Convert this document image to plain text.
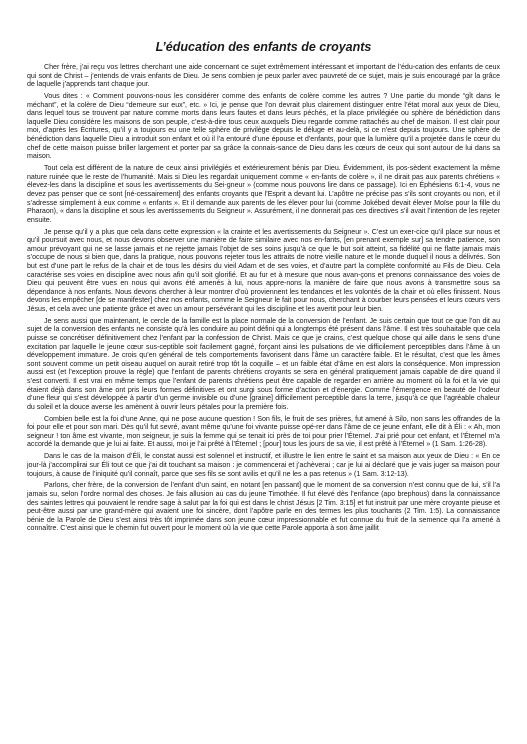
L’éducation des enfants de croyants

Cher frère, j’ai reçu vos lettres cherchant une aide concernant ce sujet extrêmement intéressant et important de l’édu-cation des enfants de ceux qui sont de Christ – j’entends de vrais enfants de Dieu. Je sens combien je peux parler avec pauvreté de ce sujet, mais je suis encouragé par la grâce de laquelle j’apprends tant chaque jour.

Vous dites : « Comment pouvons-nous les considérer comme des enfants de colère comme les autres ? Une partie du monde “gît dans le méchant”, et la colère de Dieu “demeure sur eux”, etc. » Ici, je pense que l’on devrait plus clairement distinguer entre l’état moral aux yeux de Dieu, dans lequel tous se trouvent par nature comme morts dans leurs fautes et dans leurs péchés, et la place privilégiée ou sphère de bénédiction dans laquelle Dieu considère les maisons de son peuple, c’est-à-dire tous ceux auxquels Dieu regarde comme rattachés au chef de maison. Il est clair pour moi, d’après les Écritures, qu’il y a toujours eu une telle sphère de privilège depuis le déluge et au-delà, si ce n’est depuis toujours. Une sphère de bénédiction dans laquelle Dieu a introduit son enfant et où il l’a entouré d’une épouse et d’enfants, pour que la lumière qu’il a projetée dans le cœur du chef de cette maison puisse briller largement et porter par sa grâce la connais-sance de Dieu dans les cœurs de ceux qui sont autour de lui dans sa maison.

Tout cela est différent de la nature de ceux ainsi privilégiés et extérieurement bénis par Dieu. Évidemment, ils pos-sèdent exactement la même nature ruinée que le reste de l’humanité. Mais si Dieu les regardait uniquement comme « en-fants de colère », il ne dirait pas aux parents chrétiens « élevez-les dans la discipline et sous les avertissements du Sei-gneur » (comme nous pouvons lire dans ce passage). Ici en Éphésiens 6:1-4, vous ne devez pas penser que ce sont [né-cessairement] des enfants croyants que l’Esprit a devant lui. L’apôtre ne précise pas s’ils sont croyants ou non, et il s’adresse simplement à eux comme « enfants ». Et il demande aux parents de les élever pour lui (comme Jokébed devait élever Moïse pour la fille du Pharaon), « dans la discipline et sous les avertissements du Seigneur ». Assurément, il ne donnerait pas ces directives s’il avait l’intention de les rejeter ensuite.

Je pense qu’il y a plus que cela dans cette expression « la crainte et les avertissements du Seigneur ». C’est un exer-cice qu’il place sur nous et qu’il poursuit avec nous, et nous devons observer une manière de faire similaire avec nos en-fants, [en prenant exemple sur] sa tendre patience, son amour prévoyant qui ne se lasse jamais et ne rejette jamais l’objet de ses soins jusqu’à ce que le but soit atteint, sa fidélité qui ne flatte jamais mais s’occupe de nous si bien que, dans la pratique, nous pouvons rejeter tous les attraits de notre vieille nature et le monde duquel il nous a délivrés. Son but est d’une part le refus de la chair et de tous les désirs du vieil Adam et de ses voies, et d’autre part la complète conformité au Fils de Dieu. Cela caractérise ses voies en discipline avec nous afin qu’il soit glorifié. Et au fur et à mesure que nous avan-çons et prenons connaissance des voies de Dieu qui peuvent être vues en nous qui avons été amenés à lui, nous appre-nons la manière de faire que nous avons à transmettre sous sa dépendance à nos enfants. Nous devons chercher à leur montrer d’où proviennent les tendances et les volontés de la chair et où elles finissent. Nous devons les empêcher [de se manifester] chez nos enfants, comme le Seigneur le fait pour nous, cherchant à courber leurs pensées et leurs cœurs vers Jésus, et cela avec une patiente grâce et avec un amour persévérant qui les discipline et les avertit pour leur bien.

Je sens aussi que maintenant, le cercle de la famille est la place normale de la conversion de l’enfant. Je suis certain que tout ce que l’on dit au sujet de la conversion des enfants ne consiste qu’à les conduire au point défini qui a longtemps été présent dans l’âme. Il est très souhaitable que cela puisse se concrétiser définitivement chez l’enfant par la confession de Christ. Mais ce que je crains, c’est quelque chose qui aille dans le sens d’une excitation par laquelle le jeune cœur sus-ceptible soit facilement gagné, forçant ainsi les pulsations de vie difficilement perceptibles dans l’âme à un développement immature. Je crois qu’en général de tels comportements favorisent dans l’âme un caractère faible. Et le résultat, c’est que les âmes sont souvent comme un petit oiseau auquel on aurait retiré trop tôt la coquille – et un faible état d’âme en est alors la conséquence. Mon impression aussi est (et l’exception prouve la règle) que l’enfant de parents chrétiens croyants se sera en général pratiquement jamais capable de dire quand il s’est converti. Il est vrai en même temps que l’enfant de parents chrétiens peut être capable de regarder en arrière au moment où la foi et la vie qui étaient déjà dans son âme ont pris leurs formes définitives et ont surgi sous forme d’action et d’énergie. Comme l’émergence en beauté de l’odeur d’une fleur qui s’est développée à partir d’un germe invisible ou d’une [graine] difficilement perceptible dans la terre, jusqu’à ce que l’agréable chaleur du soleil et la douce averse les amènent à ouvrir leurs pétales pour la première fois.

Combien belle est la foi d’une Anne, qui ne pose aucune question ! Son fils, le fruit de ses prières, fut amené à Silo, non sans les offrandes de la foi pour elle et pour son mari. Dès qu’il fut sevré, avant même qu’une foi vivante puisse opé-rer dans l’âme de ce jeune enfant, elle dit à Éli : « Ah, mon seigneur ! ton âme est vivante, mon seigneur, je suis la femme qui se tenait ici près de toi pour prier l’Éternel. J’ai prié pour cet enfant, et l’Éternel m’a accordé la demande que je lui ai faite. Et aussi, moi je l’ai prêté à l’Éternel ; [pour] tous les jours de sa vie, il est prêté à l’Éternel » (1 Sam. 1:26-28).

Dans le cas de la maison d’Éli, le constat aussi est solennel et instructif, et illustre le lien entre le saint et sa maison aux yeux de Dieu : « En ce jour-là j’accomplirai sur Éli tout ce que j’ai dit touchant sa maison : je commencerai et j’achèverai ; car je lui ai déclaré que je vais juger sa maison pour toujours, à cause de l’iniquité qu’il connaît, parce que ses fils se sont avilis et qu’il ne les a pas retenus » (1 Sam. 3:12-13).

Parlons, cher frère, de la conversion de l’enfant d’un saint, en notant [en passant] que le moment de sa conversion n’est connu que de lui, s’il l’a jamais su, selon l’ordre normal des choses. Je fais allusion au cas du jeune Timothée. Il fut élevé dès l’enfance (apo brephous) dans la connaissance des saintes lettres qui pouvaient le rendre sage à salut par la foi qui est dans le christ Jésus [2 Tim. 3:15] et fut instruit par une mère croyante pieuse et peut-être aussi par une grand-mère qui avaient une foi sincère, dont l’apôtre parle en des termes les plus touchants (2 Tim. 1:5). La connaissance bénie de la Parole de Dieu s’est ainsi très tôt imprimée dans son jeune cœur impressionnable et fut connue du fruit de la semence qui l’a amené à connaître. C’est ainsi que le chemin fut ouvert pour le moment où la vie que cette Parole apporta à son âme jaillit
